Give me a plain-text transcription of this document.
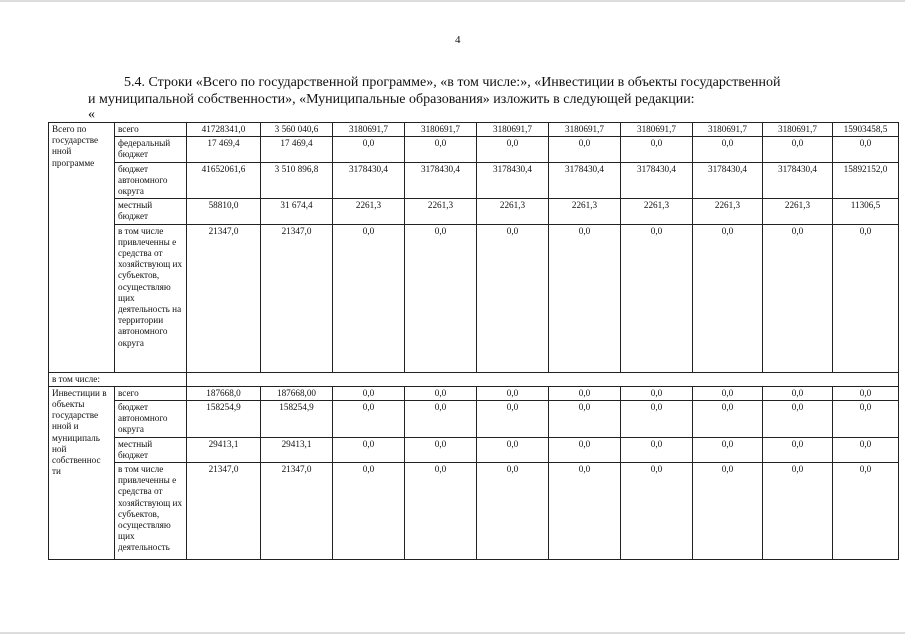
4
5.4. Строки «Всего по государственной программе», «в том числе:», «Инвестиции в объекты государственной
и муниципальной собственности», «Муниципальные образования» изложить в следующей редакции:
«
Всего по государстве нной программе	всего	41728341,0	3 560 040,6	3180691,7	3180691,7	3180691,7	3180691,7	3180691,7	3180691,7	3180691,7	15903458,5
	федеральный бюджет	17 469,4	17 469,4	0,0	0,0	0,0	0,0	0,0	0,0	0,0	0,0
	бюджет автономного округа	41652061,6	3 510 896,8	3178430,4	3178430,4	3178430,4	3178430,4	3178430,4	3178430,4	3178430,4	15892152,0
	местный бюджет	58810,0	31 674,4	2261,3	2261,3	2261,3	2261,3	2261,3	2261,3	2261,3	11306,5
	в том числе привлеченны е средства от хозяйствующ их субъектов, осуществляю щих деятельность на территории автономного округа	21347,0	21347,0	0,0	0,0	0,0	0,0	0,0	0,0	0,0	0,0
в том числе:											
Инвестиции в объекты государстве нной и муниципаль ной собственнос ти	всего	187668,0	187668,00	0,0	0,0	0,0	0,0	0,0	0,0	0,0	0,0
	бюджет автономного округа	158254,9	158254,9	0,0	0,0	0,0	0,0	0,0	0,0	0,0	0,0
	местный бюджет	29413,1	29413,1	0,0	0,0	0,0	0,0	0,0	0,0	0,0	0,0
	в том числе привлеченны е средства от хозяйствующ их субъектов, осуществляю щих деятельность	21347,0	21347,0	0,0	0,0	0,0	0,0	0,0	0,0	0,0	0,0
